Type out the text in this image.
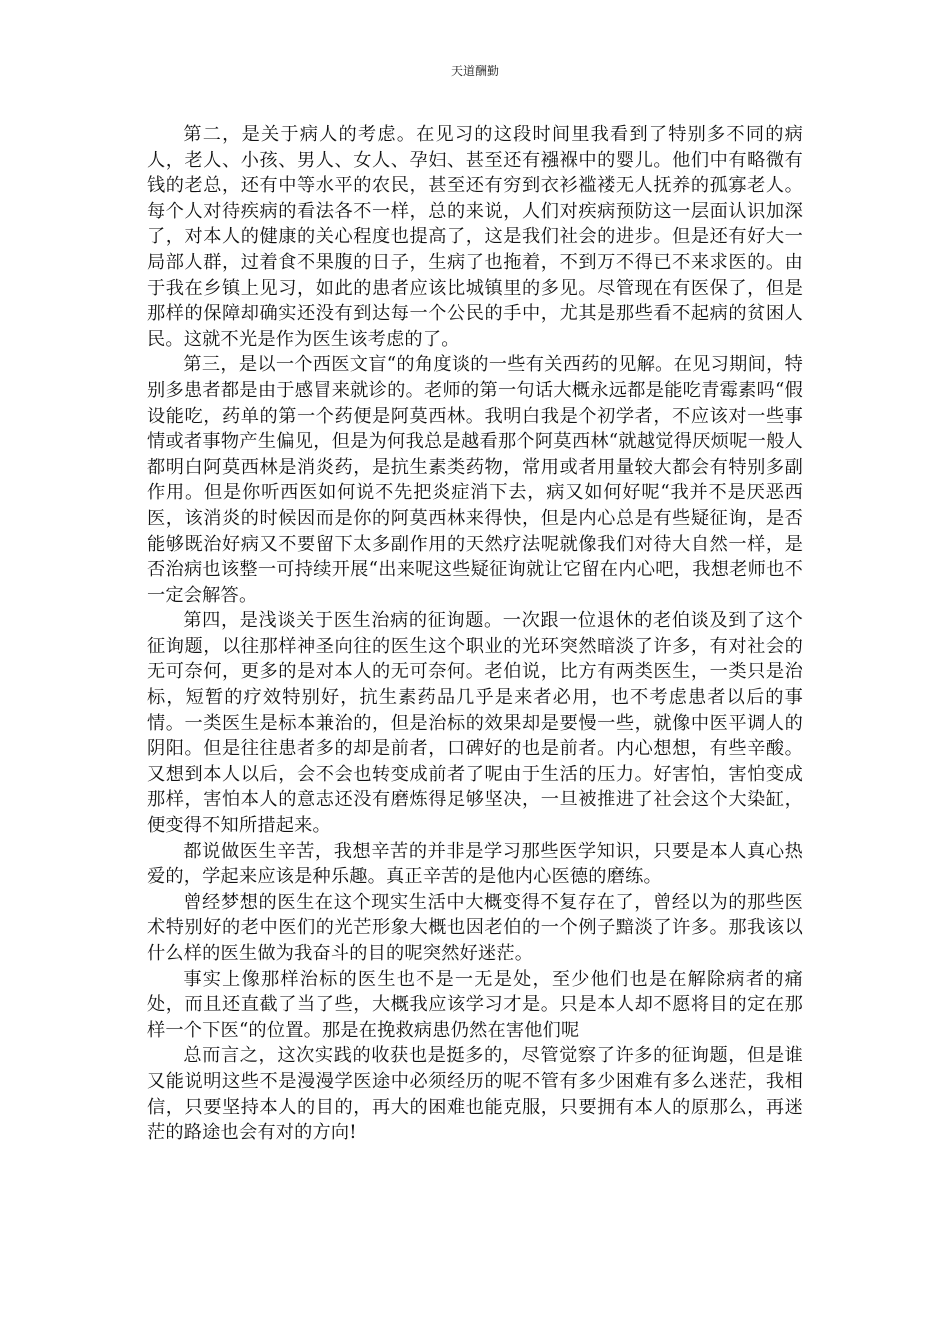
天道酬勤

第二，是关于病人的考虑。在见习的这段时间里我看到了特别多不同的病人，老人、小孩、男人、女人、孕妇、甚至还有襁褓中的婴儿。他们中有略微有钱的老总，还有中等水平的农民，甚至还有穷到衣衫褴褛无人抚养的孤寡老人。每个人对待疾病的看法各不一样，总的来说，人们对疾病预防这一层面认识加深了，对本人的健康的关心程度也提高了，这是我们社会的进步。但是还有好大一局部人群，过着食不果腹的日子，生病了也拖着，不到万不得已不来求医的。由于我在乡镇上见习，如此的患者应该比城镇里的多见。尽管现在有医保了，但是那样的保障却确实还没有到达每一个公民的手中，尤其是那些看不起病的贫困人民。这就不光是作为医生该考虑的了。

第三，是以一个西医文盲“的角度谈的一些有关西药的见解。在见习期间，特别多患者都是由于感冒来就诊的。老师的第一句话大概永远都是能吃青霉素吗“假设能吃，药单的第一个药便是阿莫西林。我明白我是个初学者，不应该对一些事情或者事物产生偏见，但是为何我总是越看那个阿莫西林“就越觉得厌烦呢一般人都明白阿莫西林是消炎药，是抗生素类药物，常用或者用量较大都会有特别多副作用。但是你听西医如何说不先把炎症消下去，病又如何好呢“我并不是厌恶西医，该消炎的时候因而是你的阿莫西林来得快，但是内心总是有些疑征询，是否能够既治好病又不要留下太多副作用的天然疗法呢就像我们对待大自然一样，是否治病也该整一可持续开展“出来呢这些疑征询就让它留在内心吧，我想老师也不一定会解答。

第四，是浅谈关于医生治病的征询题。一次跟一位退休的老伯谈及到了这个征询题，以往那样神圣向往的医生这个职业的光环突然暗淡了许多，有对社会的无可奈何，更多的是对本人的无可奈何。老伯说，比方有两类医生，一类只是治标，短暂的疗效特别好，抗生素药品几乎是来者必用，也不考虑患者以后的事情。一类医生是标本兼治的，但是治标的效果却是要慢一些，就像中医平调人的阴阳。但是往往患者多的却是前者，口碑好的也是前者。内心想想，有些辛酸。又想到本人以后，会不会也转变成前者了呢由于生活的压力。好害怕，害怕变成那样，害怕本人的意志还没有磨炼得足够坚决，一旦被推进了社会这个大染缸，便变得不知所措起来。

都说做医生辛苦，我想辛苦的并非是学习那些医学知识，只要是本人真心热爱的，学起来应该是种乐趣。真正辛苦的是他内心医德的磨练。

曾经梦想的医生在这个现实生活中大概变得不复存在了，曾经以为的那些医术特别好的老中医们的光芒形象大概也因老伯的一个例子黯淡了许多。那我该以什么样的医生做为我奋斗的目的呢突然好迷茫。

事实上像那样治标的医生也不是一无是处，至少他们也是在解除病者的痛处，而且还直截了当了些，大概我应该学习才是。只是本人却不愿将目的定在那样一个下医“的位置。那是在挽救病患仍然在害他们呢

总而言之，这次实践的收获也是挺多的，尽管觉察了许多的征询题，但是谁又能说明这些不是漫漫学医途中必须经历的呢不管有多少困难有多么迷茫，我相信，只要坚持本人的目的，再大的困难也能克服，只要拥有本人的原那么，再迷茫的路途也会有对的方向!
